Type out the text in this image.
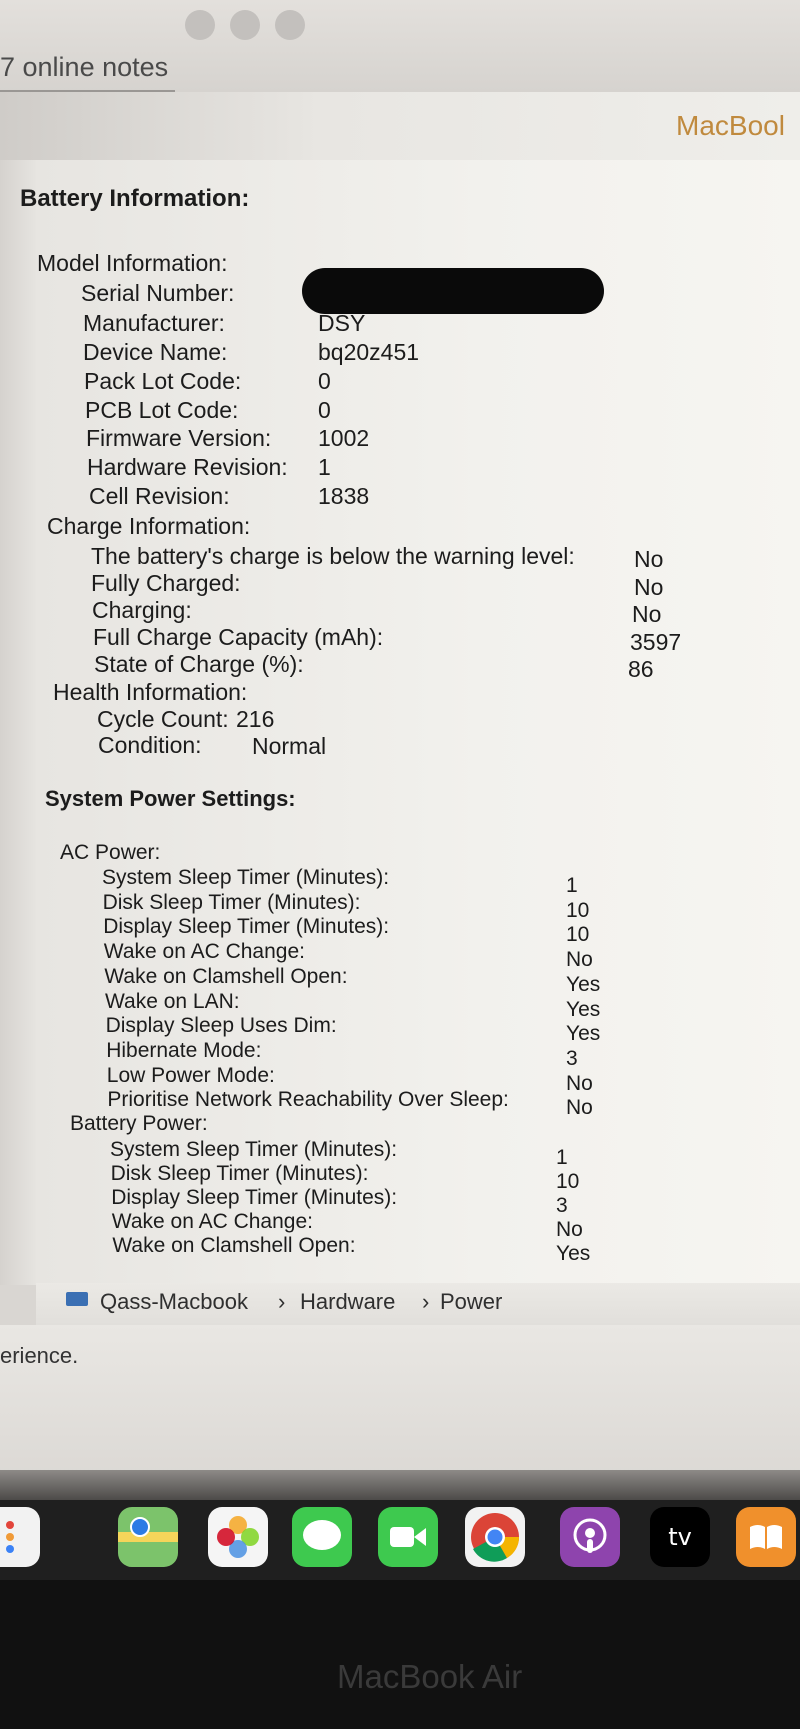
7 online notes
MacBool
Battery Information:
Model Information:
Serial Number:
Manufacturer:	DSY
Device Name:	bq20z451
Pack Lot Code:	0
PCB Lot Code:	0
Firmware Version: 1002
Hardware Revision: 1
Cell Revision:	1838
Charge Information:
The battery's charge is below the warning level:	No
Fully Charged:	No
Charging:	No
Full Charge Capacity (mAh):	3597
State of Charge (%):	86
Health Information:
Cycle Count: 216
Condition: Normal
System Power Settings:
AC Power:
System Sleep Timer (Minutes):	1
Disk Sleep Timer (Minutes):	10
Display Sleep Timer (Minutes):	10
Wake on AC Change:	No
Wake on Clamshell Open:	Yes
Wake on LAN:	Yes
Display Sleep Uses Dim:	Yes
Hibernate Mode:	3
Low Power Mode:	No
Prioritise Network Reachability Over Sleep:	No
Battery Power:
System Sleep Timer (Minutes):	1
Disk Sleep Timer (Minutes):	10
Display Sleep Timer (Minutes):	3
Wake on AC Change:	No
Wake on Clamshell Open:	Yes
Qass-Macbook › Hardware › Power
erience.
tv
MacBook Air
